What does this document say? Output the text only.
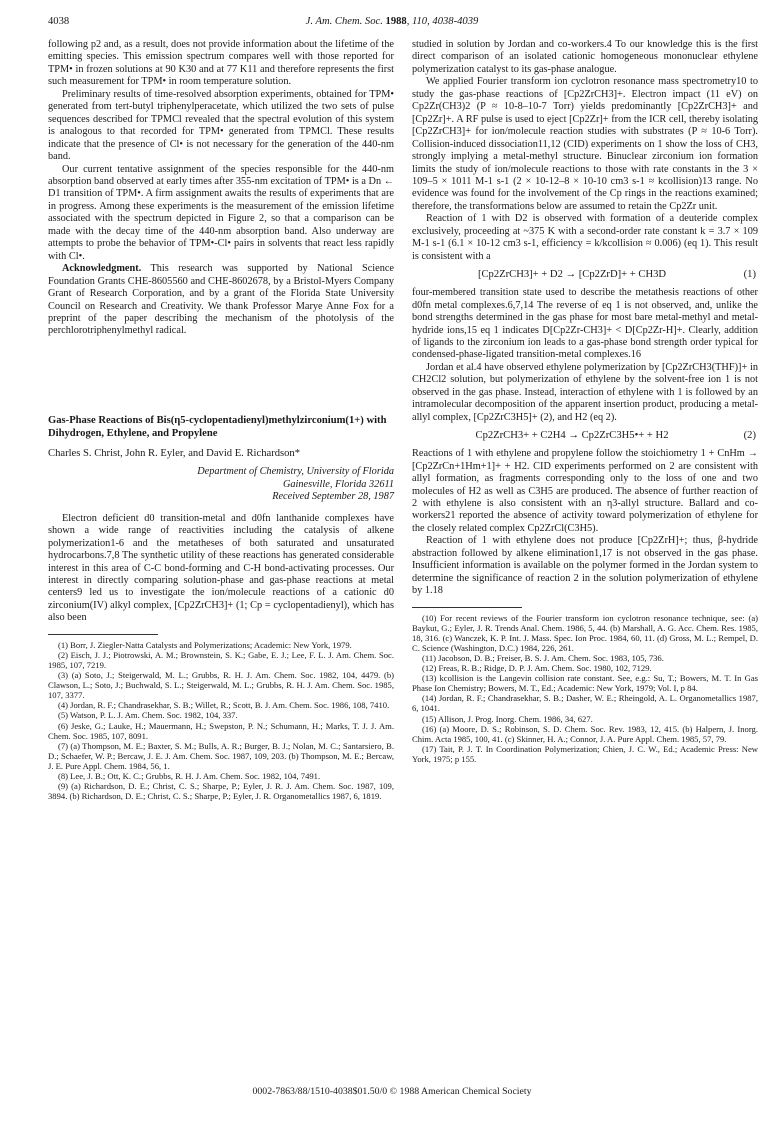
4038	J. Am. Chem. Soc. 1988, 110, 4038-4039

following p2 and, as a result, does not provide information about the lifetime of the emitting species. This emission spectrum compares well with those reported for TPM• in frozen solutions at 90 K30 and at 77 K11 and therefore represents the first such measurement for TPM• in room temperature solution.

Preliminary results of time-resolved absorption experiments, obtained for TPM• generated from tert-butyl triphenylperacetate, which utilized the two sets of pulse sequences described for TPMCl revealed that the spectral evolution of this system is analogous to that recorded for TPM• generated from TPMCl. These results indicate that the presence of Cl• is not necessary for the generation of the 440-nm band.

Our current tentative assignment of the species responsible for the 440-nm absorption band observed at early times after 355-nm excitation of TPM• is a Dn ← D1 transition of TPM•. A firm assignment awaits the results of experiments that are in progress. Among these experiments is the measurement of the emission lifetime associated with the spectrum depicted in Figure 2, so that a comparison can be made with the decay time of the 440-nm absorption band. Also underway are attempts to probe the behavior of TPM•-Cl• pairs in solvents that react less rapidly with Cl•.

Acknowledgment. This research was supported by National Science Foundation Grants CHE-8605560 and CHE-8602678, by a Bristol-Myers Company Grant of Research Corporation, and by a grant of the Florida State University Council on Research and Creativity. We thank Professor Marye Anne Fox for a preprint of the paper describing the mechanism of the photolysis of the perchlorotriphenylmethyl radical.

Gas-Phase Reactions of Bis(η5-cyclopentadienyl)methylzirconium(1+) with Dihydrogen, Ethylene, and Propylene
Charles S. Christ, John R. Eyler, and David E. Richardson*
Department of Chemistry, University of Florida
Gainesville, Florida 32611
Received September 28, 1987

Electron deficient d0 transition-metal and d0fn lanthanide complexes have shown a wide range of reactivities including the catalysis of alkene polymerization1-6 and the metatheses of both saturated and unsaturated hydrocarbons.7,8 The synthetic utility of these reactions has generated considerable interest in this area of C-C bond-forming and C-H bond-activating processes. Our interest in directly comparing solution-phase and gas-phase reactions at metal centers9 led us to investigate the ion/molecule reactions of a cationic d0 zirconium(IV) alkyl complex, [Cp2ZrCH3]+ (1; Cp = cyclopentadienyl), which has also been

(1) Borr, J. Ziegler-Natta Catalysts and Polymerizations; Academic: New York, 1979.

(2) Eisch, J. J.; Piotrowski, A. M.; Brownstein, S. K.; Gabe, E. J.; Lee, F. L. J. Am. Chem. Soc. 1985, 107, 7219.

(3) (a) Soto, J.; Steigerwald, M. L.; Grubbs, R. H. J. Am. Chem. Soc. 1982, 104, 4479. (b) Clawson, L.; Soto, J.; Buchwald, S. L.; Steigerwald, M. L.; Grubbs, R. H. J. Am. Chem. Soc. 1985, 107, 3377.

(4) Jordan, R. F.; Chandrasekhar, S. B.; Willet, R.; Scott, B. J. Am. Chem. Soc. 1986, 108, 7410.

(5) Watson, P. L. J. Am. Chem. Soc. 1982, 104, 337.

(6) Jeske, G.; Lauke, H.; Mauermann, H.; Swepston, P. N.; Schumann, H.; Marks, T. J. J. Am. Chem. Soc. 1985, 107, 8091.

(7) (a) Thompson, M. E.; Baxter, S. M.; Bulls, A. R.; Burger, B. J.; Nolan, M. C.; Santarsiero, B. D.; Schaefer, W. P.; Bercaw, J. E. J. Am. Chem. Soc. 1987, 109, 203. (b) Thompson, M. E.; Bercaw, J. E. Pure Appl. Chem. 1984, 56, 1.

(8) Lee, J. B.; Ott, K. C.; Grubbs, R. H. J. Am. Chem. Soc. 1982, 104, 7491.

(9) (a) Richardson, D. E.; Christ, C. S.; Sharpe, P.; Eyler, J. R. J. Am. Chem. Soc. 1987, 109, 3894. (b) Richardson, D. E.; Christ, C. S.; Sharpe, P.; Eyler, J. R. Organometallics 1987, 6, 1819.

studied in solution by Jordan and co-workers.4 To our knowledge this is the first direct comparison of an isolated cationic homogeneous mononuclear ethylene polymerization catalyst to its gas-phase analogue.

We applied Fourier transform ion cyclotron resonance mass spectrometry10 to study the gas-phase reactions of [Cp2ZrCH3]+. Electron impact (11 eV) on Cp2Zr(CH3)2 (P ≈ 10-8–10-7 Torr) yields predominantly [Cp2ZrCH3]+ and [Cp2Zr]+. A RF pulse is used to eject [Cp2Zr]+ from the ICR cell, thereby isolating [Cp2ZrCH3]+ for ion/molecule reaction studies with substrates (P ≈ 10-6 Torr). Collision-induced dissociation11,12 (CID) experiments on 1 show the loss of CH3, strongly implying a metal-methyl structure. Binuclear zirconium ion formation limits the study of ion/molecule reactions to those with rate constants in the 3 × 109–5 × 1011 M-1 s-1 (2 × 10-12–8 × 10-10 cm3 s-1 ≈ kcollision)13 range. No evidence was found for the involvement of the Cp rings in the reactions examined; therefore, the transformations below are assumed to retain the Cp2Zr unit.

Reaction of 1 with D2 is observed with formation of a deuteride complex exclusively, proceeding at ~375 K with a second-order rate constant k = 3.7 × 109 M-1 s-1 (6.1 × 10-12 cm3 s-1, efficiency = k/kcollision ≈ 0.006) (eq 1). This result is consistent with a

[Cp2ZrCH3]+ + D2 → [Cp2ZrD]+ + CH3D	(1)

four-membered transition state used to describe the metathesis reactions of other d0fn metal complexes.6,7,14 The reverse of eq 1 is not observed, and, unlike the bond strengths determined in the gas phase for most bare metal-methyl and metal-hydride ions,15 eq 1 indicates D[Cp2Zr-CH3]+ < D[Cp2Zr-H]+. Clearly, addition of ligands to the zirconium ion leads to a gas-phase bond strength order typical for condensed-phase-ligated transition-metal complexes.16

Jordan et al.4 have observed ethylene polymerization by [Cp2ZrCH3(THF)]+ in CH2Cl2 solution, but polymerization of ethylene by the solvent-free ion 1 is not observed in the gas phase. Instead, interaction of ethylene with 1 is followed by an intramolecular decomposition of the apparent insertion product, producing a metal-allyl complex, [Cp2ZrC3H5]+ (2), and H2 (eq 2).

Cp2ZrCH3+ + C2H4 → Cp2ZrC3H5•+ + H2	(2)

Reactions of 1 with ethylene and propylene follow the stoichiometry 1 + CnHm → [Cp2ZrCn+1Hm+1]+ + H2. CID experiments performed on 2 are consistent with allyl formation, as fragments corresponding only to the loss of one and two molecules of H2 as well as C3H5 are produced. The absence of further reaction of 2 with ethylene is also consistent with an η3-allyl structure. Ballard and co-workers21 reported the absence of activity toward polymerization of ethylene for the closely related complex Cp2ZrCl(C3H5).

Reaction of 1 with ethylene does not produce [Cp2ZrH]+; thus, β-hydride abstraction followed by alkene elimination1,17 is not observed in the gas phase. Insufficient information is available on the polymer formed in the Jordan system to determine the significance of reaction 2 in the solution polymerization of ethylene by 1.18

(10) For recent reviews of the Fourier transform ion cyclotron resonance technique, see: (a) Baykut, G.; Eyler, J. R. Trends Anal. Chem. 1986, 5, 44. (b) Marshall, A. G. Acc. Chem. Res. 1985, 18, 316. (c) Wanczek, K. P. Int. J. Mass. Spec. Ion Proc. 1984, 60, 11. (d) Gross, M. L.; Rempel, D. C. Science (Washington, D.C.) 1984, 226, 261.

(11) Jacobson, D. B.; Freiser, B. S. J. Am. Chem. Soc. 1983, 105, 736.

(12) Freas, R. B.; Ridge, D. P. J. Am. Chem. Soc. 1980, 102, 7129.

(13) kcollision is the Langevin collision rate constant. See, e.g.: Su, T.; Bowers, M. T. In Gas Phase Ion Chemistry; Bowers, M. T., Ed.; Academic: New York, 1979; Vol. I, p 84.

(14) Jordan, R. F.; Chandrasekhar, S. B.; Dasher, W. E.; Rheingold, A. L. Organometallics 1987, 6, 1041.

(15) Allison, J. Prog. Inorg. Chem. 1986, 34, 627.

(16) (a) Moore, D. S.; Robinson, S. D. Chem. Soc. Rev. 1983, 12, 415. (b) Halpern, J. Inorg. Chim. Acta 1985, 100, 41. (c) Skinner, H. A.; Connor, J. A. Pure Appl. Chem. 1985, 57, 79.

(17) Tait, P. J. T. In Coordination Polymerization; Chien, J. C. W., Ed.; Academic Press: New York, 1975; p 155.

0002-7863/88/1510-4038$01.50/0 © 1988 American Chemical Society
